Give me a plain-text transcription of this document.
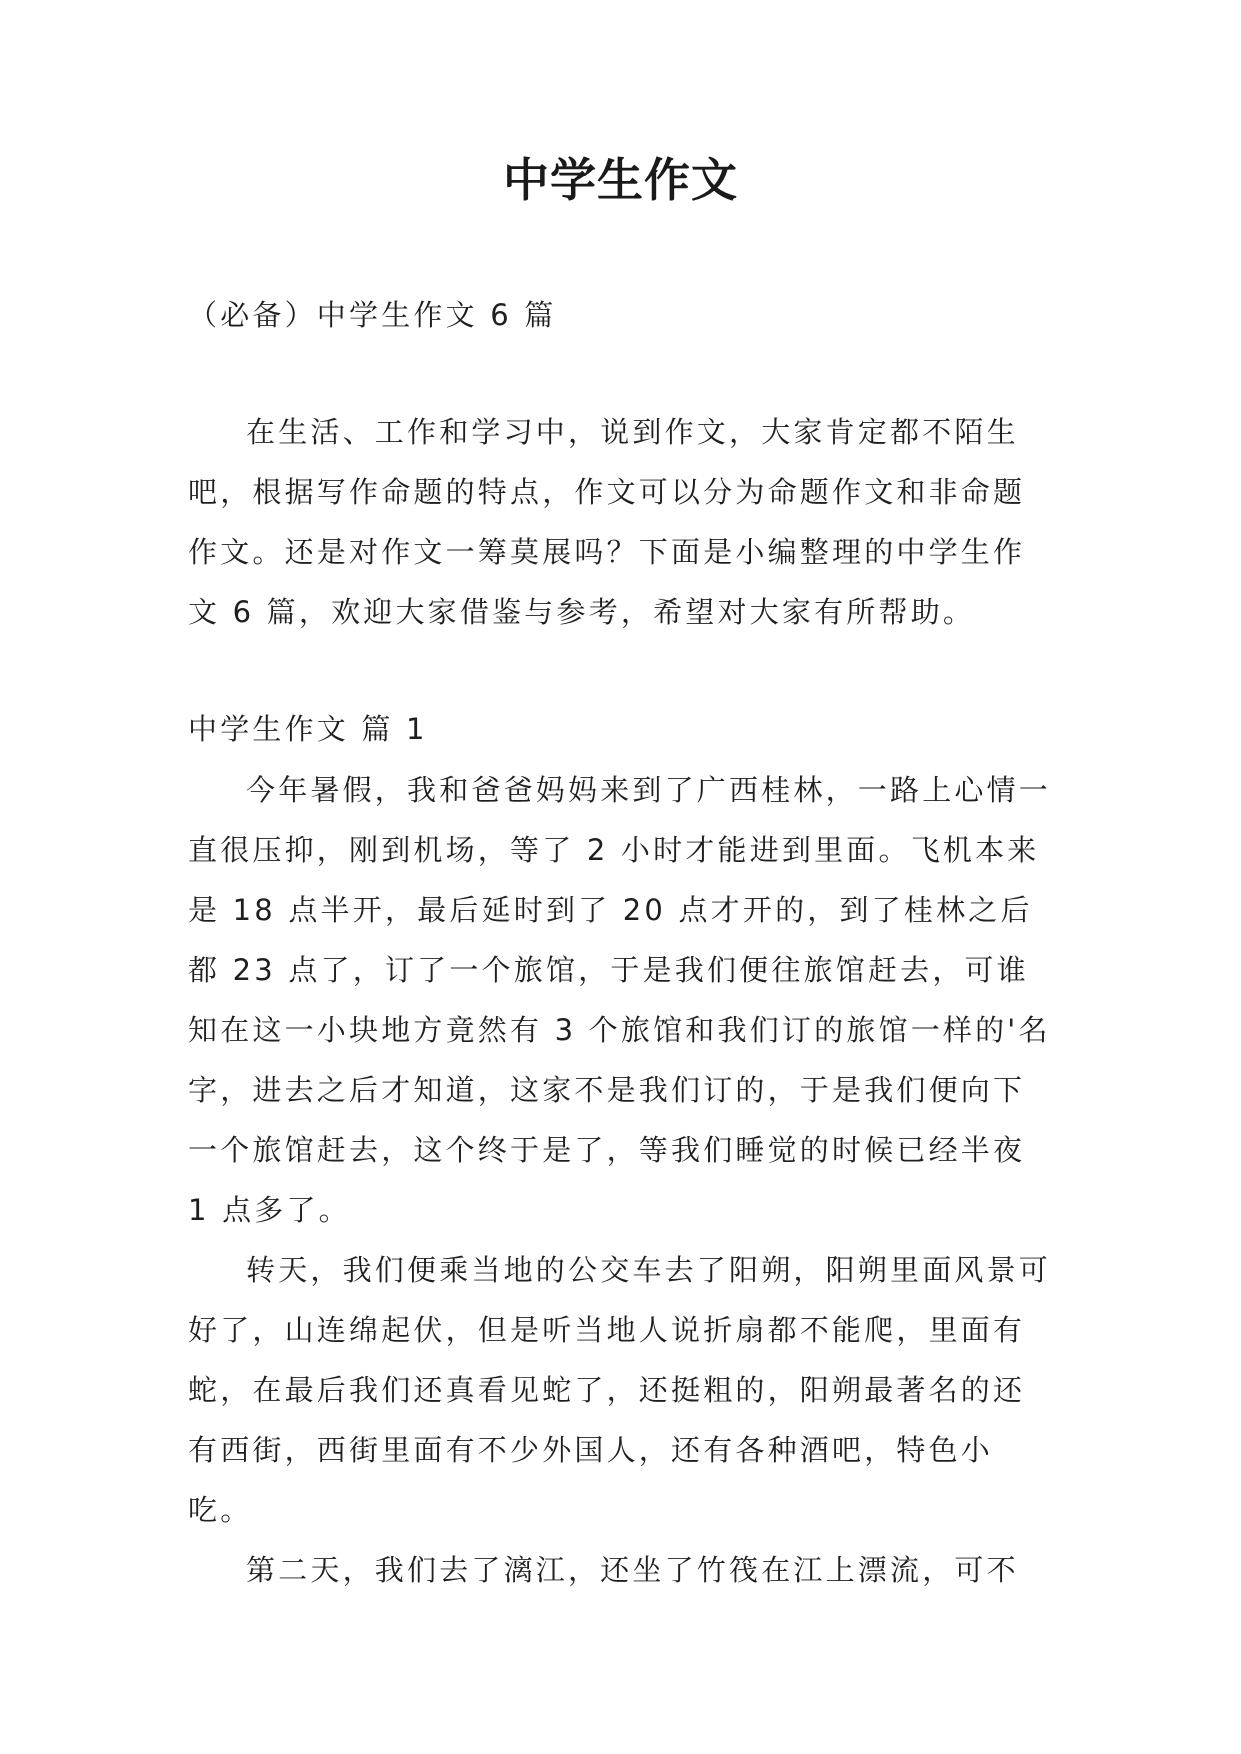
中学生作文

（必备）中学生作文 6 篇

在生活、工作和学习中，说到作文，大家肯定都不陌生吧，根据写作命题的特点，作文可以分为命题作文和非命题作文。还是对作文一筹莫展吗？下面是小编整理的中学生作文 6 篇，欢迎大家借鉴与参考，希望对大家有所帮助。

中学生作文 篇 1

今年暑假，我和爸爸妈妈来到了广西桂林，一路上心情一直很压抑，刚到机场，等了 2 小时才能进到里面。飞机本来是 18 点半开，最后延时到了 20 点才开的，到了桂林之后都 23 点了，订了一个旅馆，于是我们便往旅馆赶去，可谁知在这一小块地方竟然有 3 个旅馆和我们订的旅馆一样的'名字，进去之后才知道，这家不是我们订的，于是我们便向下一个旅馆赶去，这个终于是了，等我们睡觉的时候已经半夜 1 点多了。

转天，我们便乘当地的公交车去了阳朔，阳朔里面风景可好了，山连绵起伏，但是听当地人说折扇都不能爬，里面有蛇，在最后我们还真看见蛇了，还挺粗的，阳朔最著名的还有西街，西街里面有不少外国人，还有各种酒吧，特色小吃。

第二天，我们去了漓江，还坐了竹筏在江上漂流，可不
